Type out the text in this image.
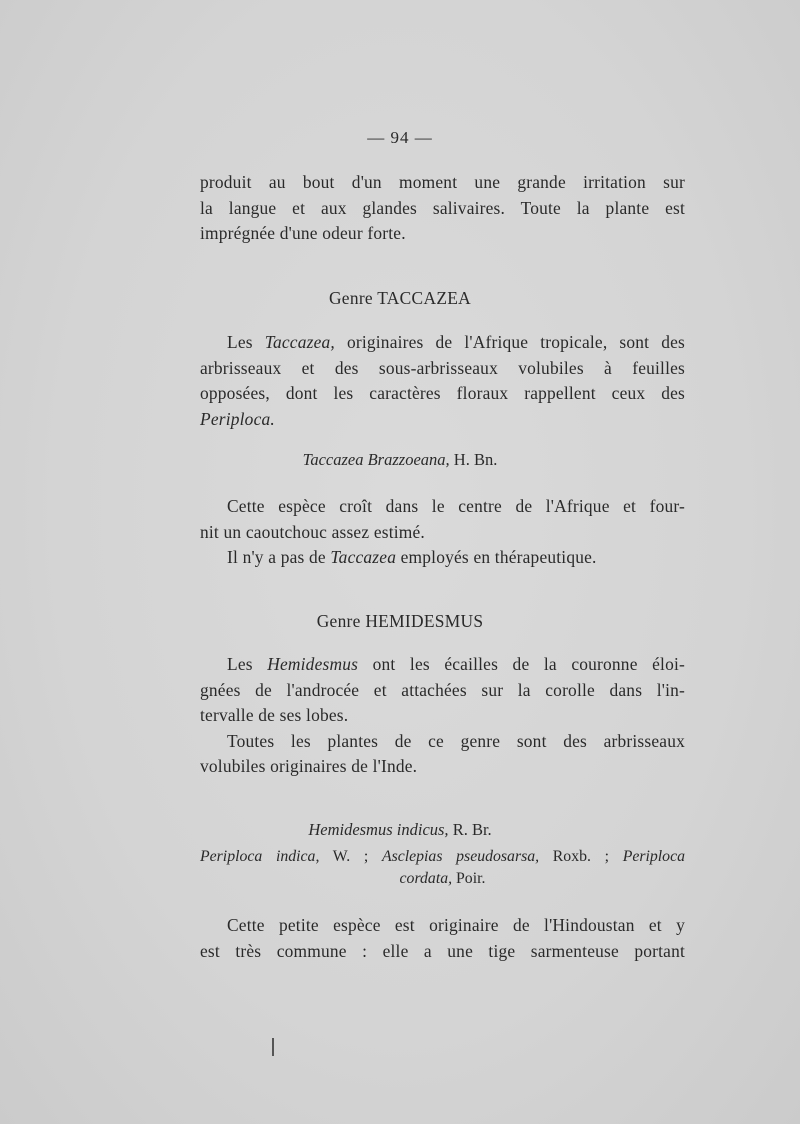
— 94 —
produit au bout d'un moment une grande irritation sur
la langue et aux glandes salivaires. Toute la plante est
imprégnée d'une odeur forte.
Genre TACCAZEA
Les Taccazea, originaires de l'Afrique tropicale, sont des
arbrisseaux et des sous-arbrisseaux volubiles à feuilles
opposées, dont les caractères floraux rappellent ceux des
Periploca.
Taccazea Brazzoeana, H. Bn.
Cette espèce croît dans le centre de l'Afrique et four-
nit un caoutchouc assez estimé.
Il n'y a pas de Taccazea employés en thérapeutique.
Genre HEMIDESMUS
Les Hemidesmus ont les écailles de la couronne éloi-
gnées de l'androcée et attachées sur la corolle dans l'in-
tervalle de ses lobes.
Toutes les plantes de ce genre sont des arbrisseaux
volubiles originaires de l'Inde.
Hemidesmus indicus, R. Br.
Periploca indica, W. ; Asclepias pseudosarsa, Roxb. ; Periploca
cordata, Poir.
Cette petite espèce est originaire de l'Hindoustan et y
est très commune : elle a une tige sarmenteuse portant
